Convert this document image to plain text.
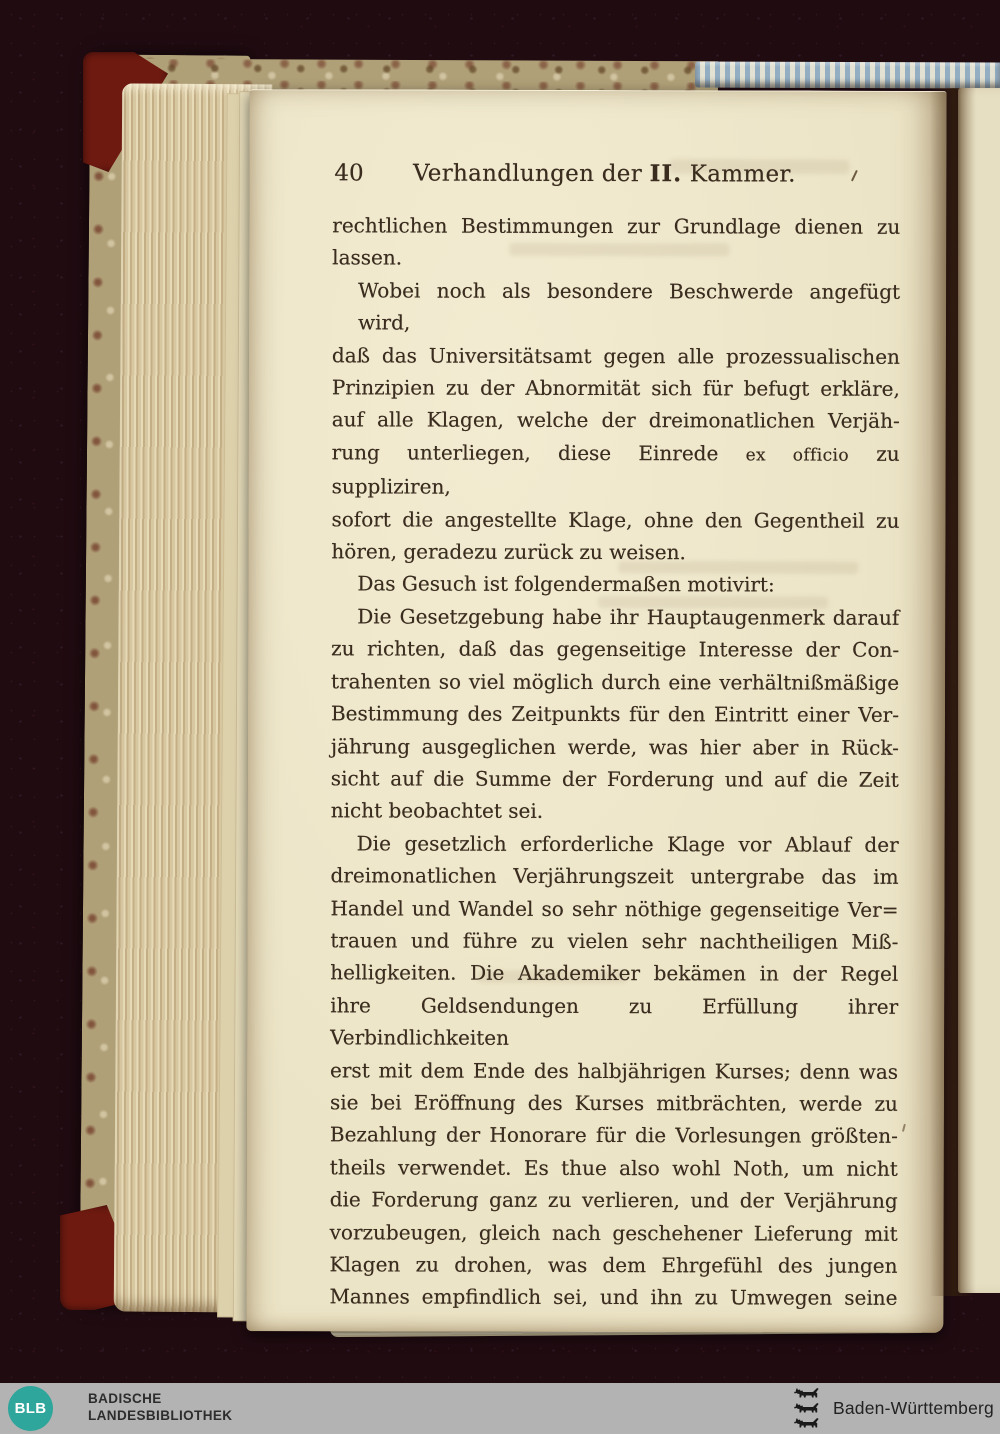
40	Verhandlungen der II. Kammer.
rechtlichen Bestimmungen zur Grundlage dienen zu
lassen.
Wobei noch als besondere Beschwerde angefügt wird,
daß das Universitätsamt gegen alle prozessualischen
Prinzipien zu der Abnormität sich für befugt erkläre,
auf alle Klagen, welche der dreimonatlichen Verjäh-
rung unterliegen, diese Einrede ex officio zu suppliziren,
sofort die angestellte Klage, ohne den Gegentheil zu
hören, geradezu zurück zu weisen.
Das Gesuch ist folgendermaßen motivirt:
Die Gesetzgebung habe ihr Hauptaugenmerk darauf
zu richten, daß das gegenseitige Interesse der Con-
trahenten so viel möglich durch eine verhältnißmäßige
Bestimmung des Zeitpunkts für den Eintritt einer Ver-
jährung ausgeglichen werde, was hier aber in Rück-
sicht auf die Summe der Forderung und auf die Zeit
nicht beobachtet sei.
Die gesetzlich erforderliche Klage vor Ablauf der
dreimonatlichen Verjährungszeit untergrabe das im
Handel und Wandel so sehr nöthige gegenseitige Ver=
trauen und führe zu vielen sehr nachtheiligen Miß-
helligkeiten. Die Akademiker bekämen in der Regel
ihre Geldsendungen zu Erfüllung ihrer Verbindlichkeiten
erst mit dem Ende des halbjährigen Kurses; denn was
sie bei Eröffnung des Kurses mitbrächten, werde zu
Bezahlung der Honorare für die Vorlesungen größten-
theils verwendet. Es thue also wohl Noth, um nicht
die Forderung ganz zu verlieren, und der Verjährung
vorzubeugen, gleich nach geschehener Lieferung mit
Klagen zu drohen, was dem Ehrgefühl des jungen
Mannes empfindlich sei, und ihn zu Umwegen seine
BLB
BADISCHE
LANDESBIBLIOTHEK	Baden-Württemberg
